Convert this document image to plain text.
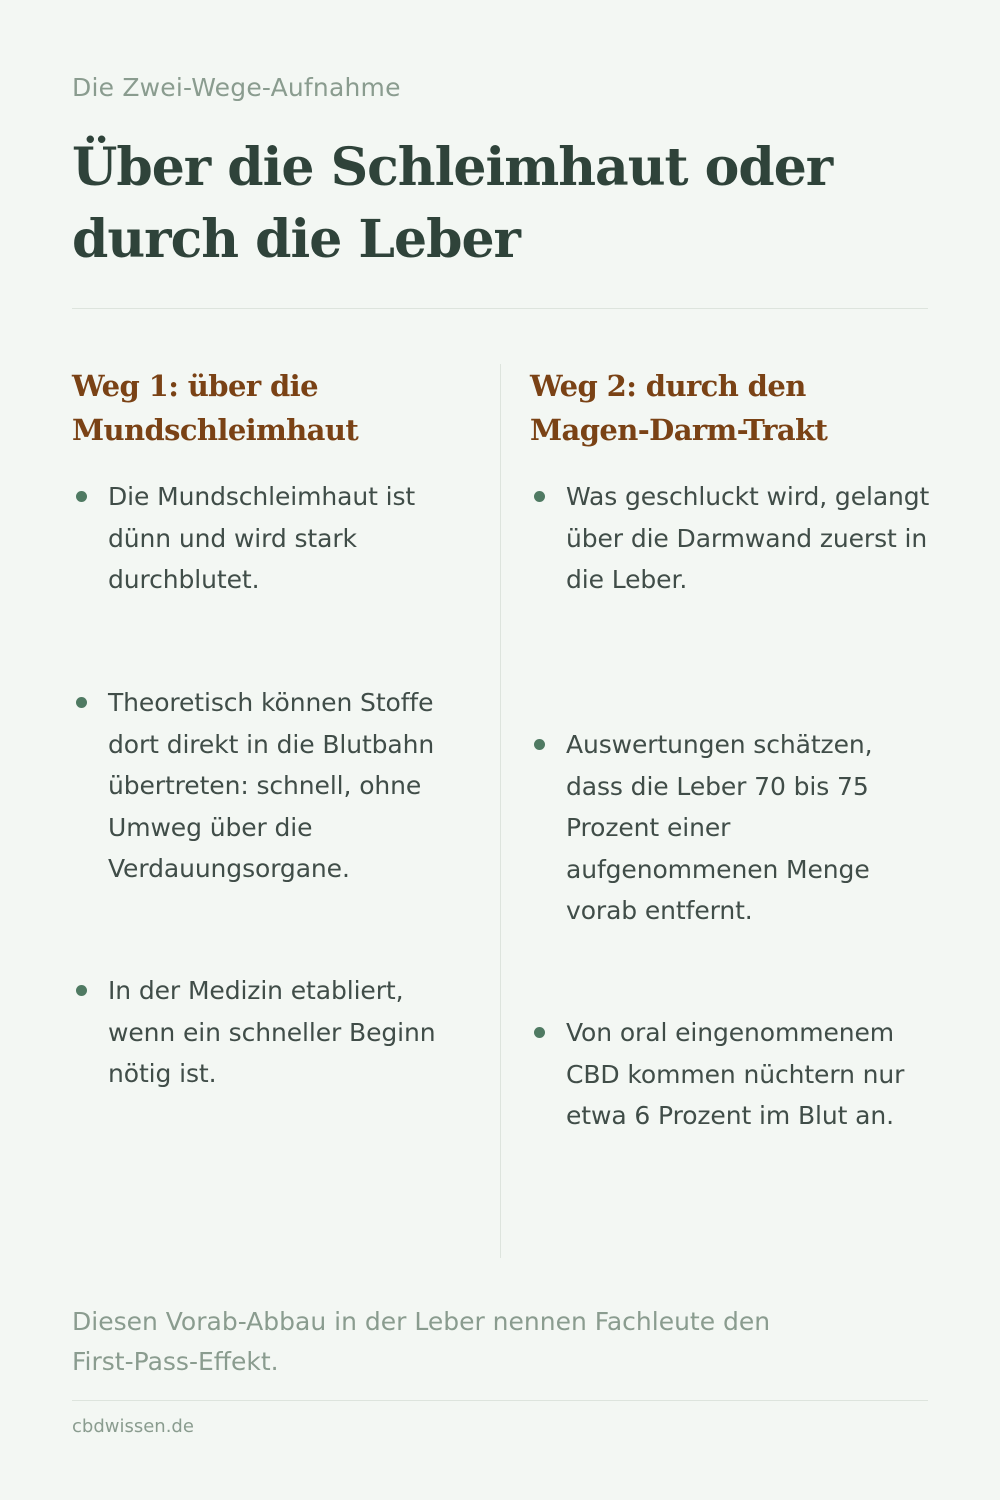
Die Zwei-Wege-Aufnahme
Über die Schleimhaut oder durch die Leber
Weg 1: über die Mundschleimhaut
Die Mundschleimhaut ist dünn und wird stark durchblutet.
Theoretisch können Stoffe dort direkt in die Blutbahn übertreten: schnell, ohne Umweg über die Verdauungsorgane.
In der Medizin etabliert, wenn ein schneller Beginn nötig ist.
Weg 2: durch den Magen-Darm-Trakt
Was geschluckt wird, gelangt über die Darmwand zuerst in die Leber.
Auswertungen schätzen, dass die Leber 70 bis 75 Prozent einer aufgenommenen Menge vorab entfernt.
Von oral eingenommenem CBD kommen nüchtern nur etwa 6 Prozent im Blut an.
Diesen Vorab-Abbau in der Leber nennen Fachleute den First-Pass-Effekt.
cbdwissen.de
